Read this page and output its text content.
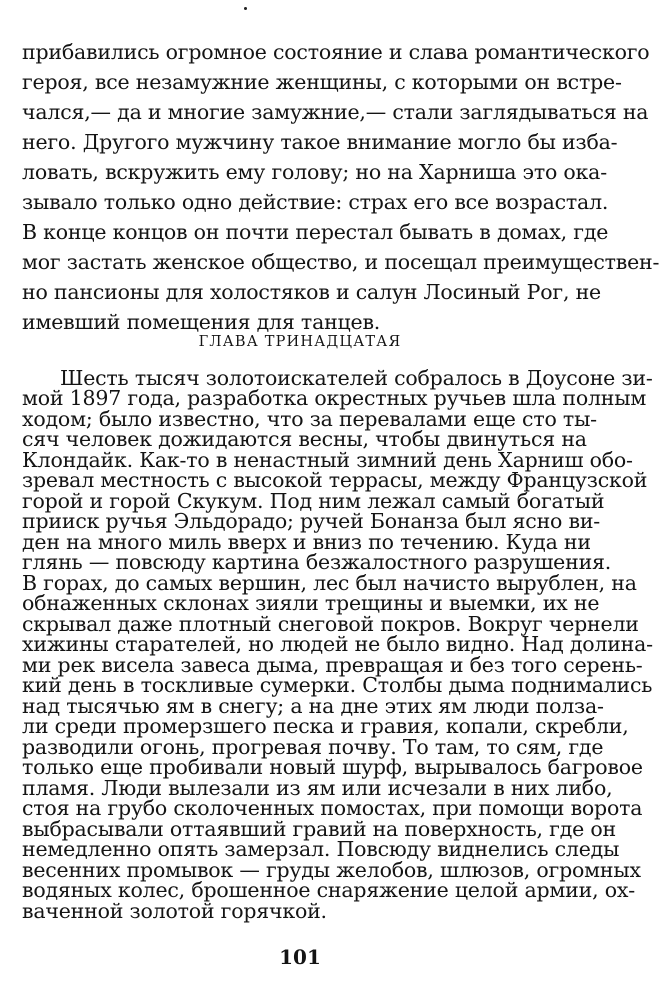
прибавились огромное состояние и слава романтического
героя, все незамужние женщины, с которыми он встре-
чался,— да и многие замужние,— стали заглядываться на
него. Другого мужчину такое внимание могло бы изба-
ловать, вскружить ему голову; но на Харниша это ока-
зывало только одно действие: страх его все возрастал.
В конце концов он почти перестал бывать в домах, где
мог застать женское общество, и посещал преимуществен-
но пансионы для холостяков и салун Лосиный Рог, не
имевший помещения для танцев.
ГЛАВА ТРИНАДЦАТАЯ
Шесть тысяч золотоискателей собралось в Доусоне зи-
мой 1897 года, разработка окрестных ручьев шла полным
ходом; было известно, что за перевалами еще сто ты-
сяч человек дожидаются весны, чтобы двинуться на
Клондайк. Как-то в ненастный зимний день Харниш обо-
зревал местность с высокой террасы, между Французской
горой и горой Скукум. Под ним лежал самый богатый
прииск ручья Эльдорадо; ручей Бонанза был ясно ви-
ден на много миль вверх и вниз по течению. Куда ни
глянь — повсюду картина безжалостного разрушения.
В горах, до самых вершин, лес был начисто вырублен, на
обнаженных склонах зияли трещины и выемки, их не
скрывал даже плотный снеговой покров. Вокруг чернели
хижины старателей, но людей не было видно. Над долина-
ми рек висела завеса дыма, превращая и без того серень-
кий день в тоскливые сумерки. Столбы дыма поднимались
над тысячью ям в снегу; а на дне этих ям люди полза-
ли среди промерзшего песка и гравия, копали, скребли,
разводили огонь, прогревая почву. То там, то сям, где
только еще пробивали новый шурф, вырывалось багровое
пламя. Люди вылезали из ям или исчезали в них либо,
стоя на грубо сколоченных помостах, при помощи ворота
выбрасывали оттаявший гравий на поверхность, где он
немедленно опять замерзал. Повсюду виднелись следы
весенних промывок — груды желобов, шлюзов, огромных
водяных колес, брошенное снаряжение целой армии, ох-
ваченной золотой горячкой.
101
